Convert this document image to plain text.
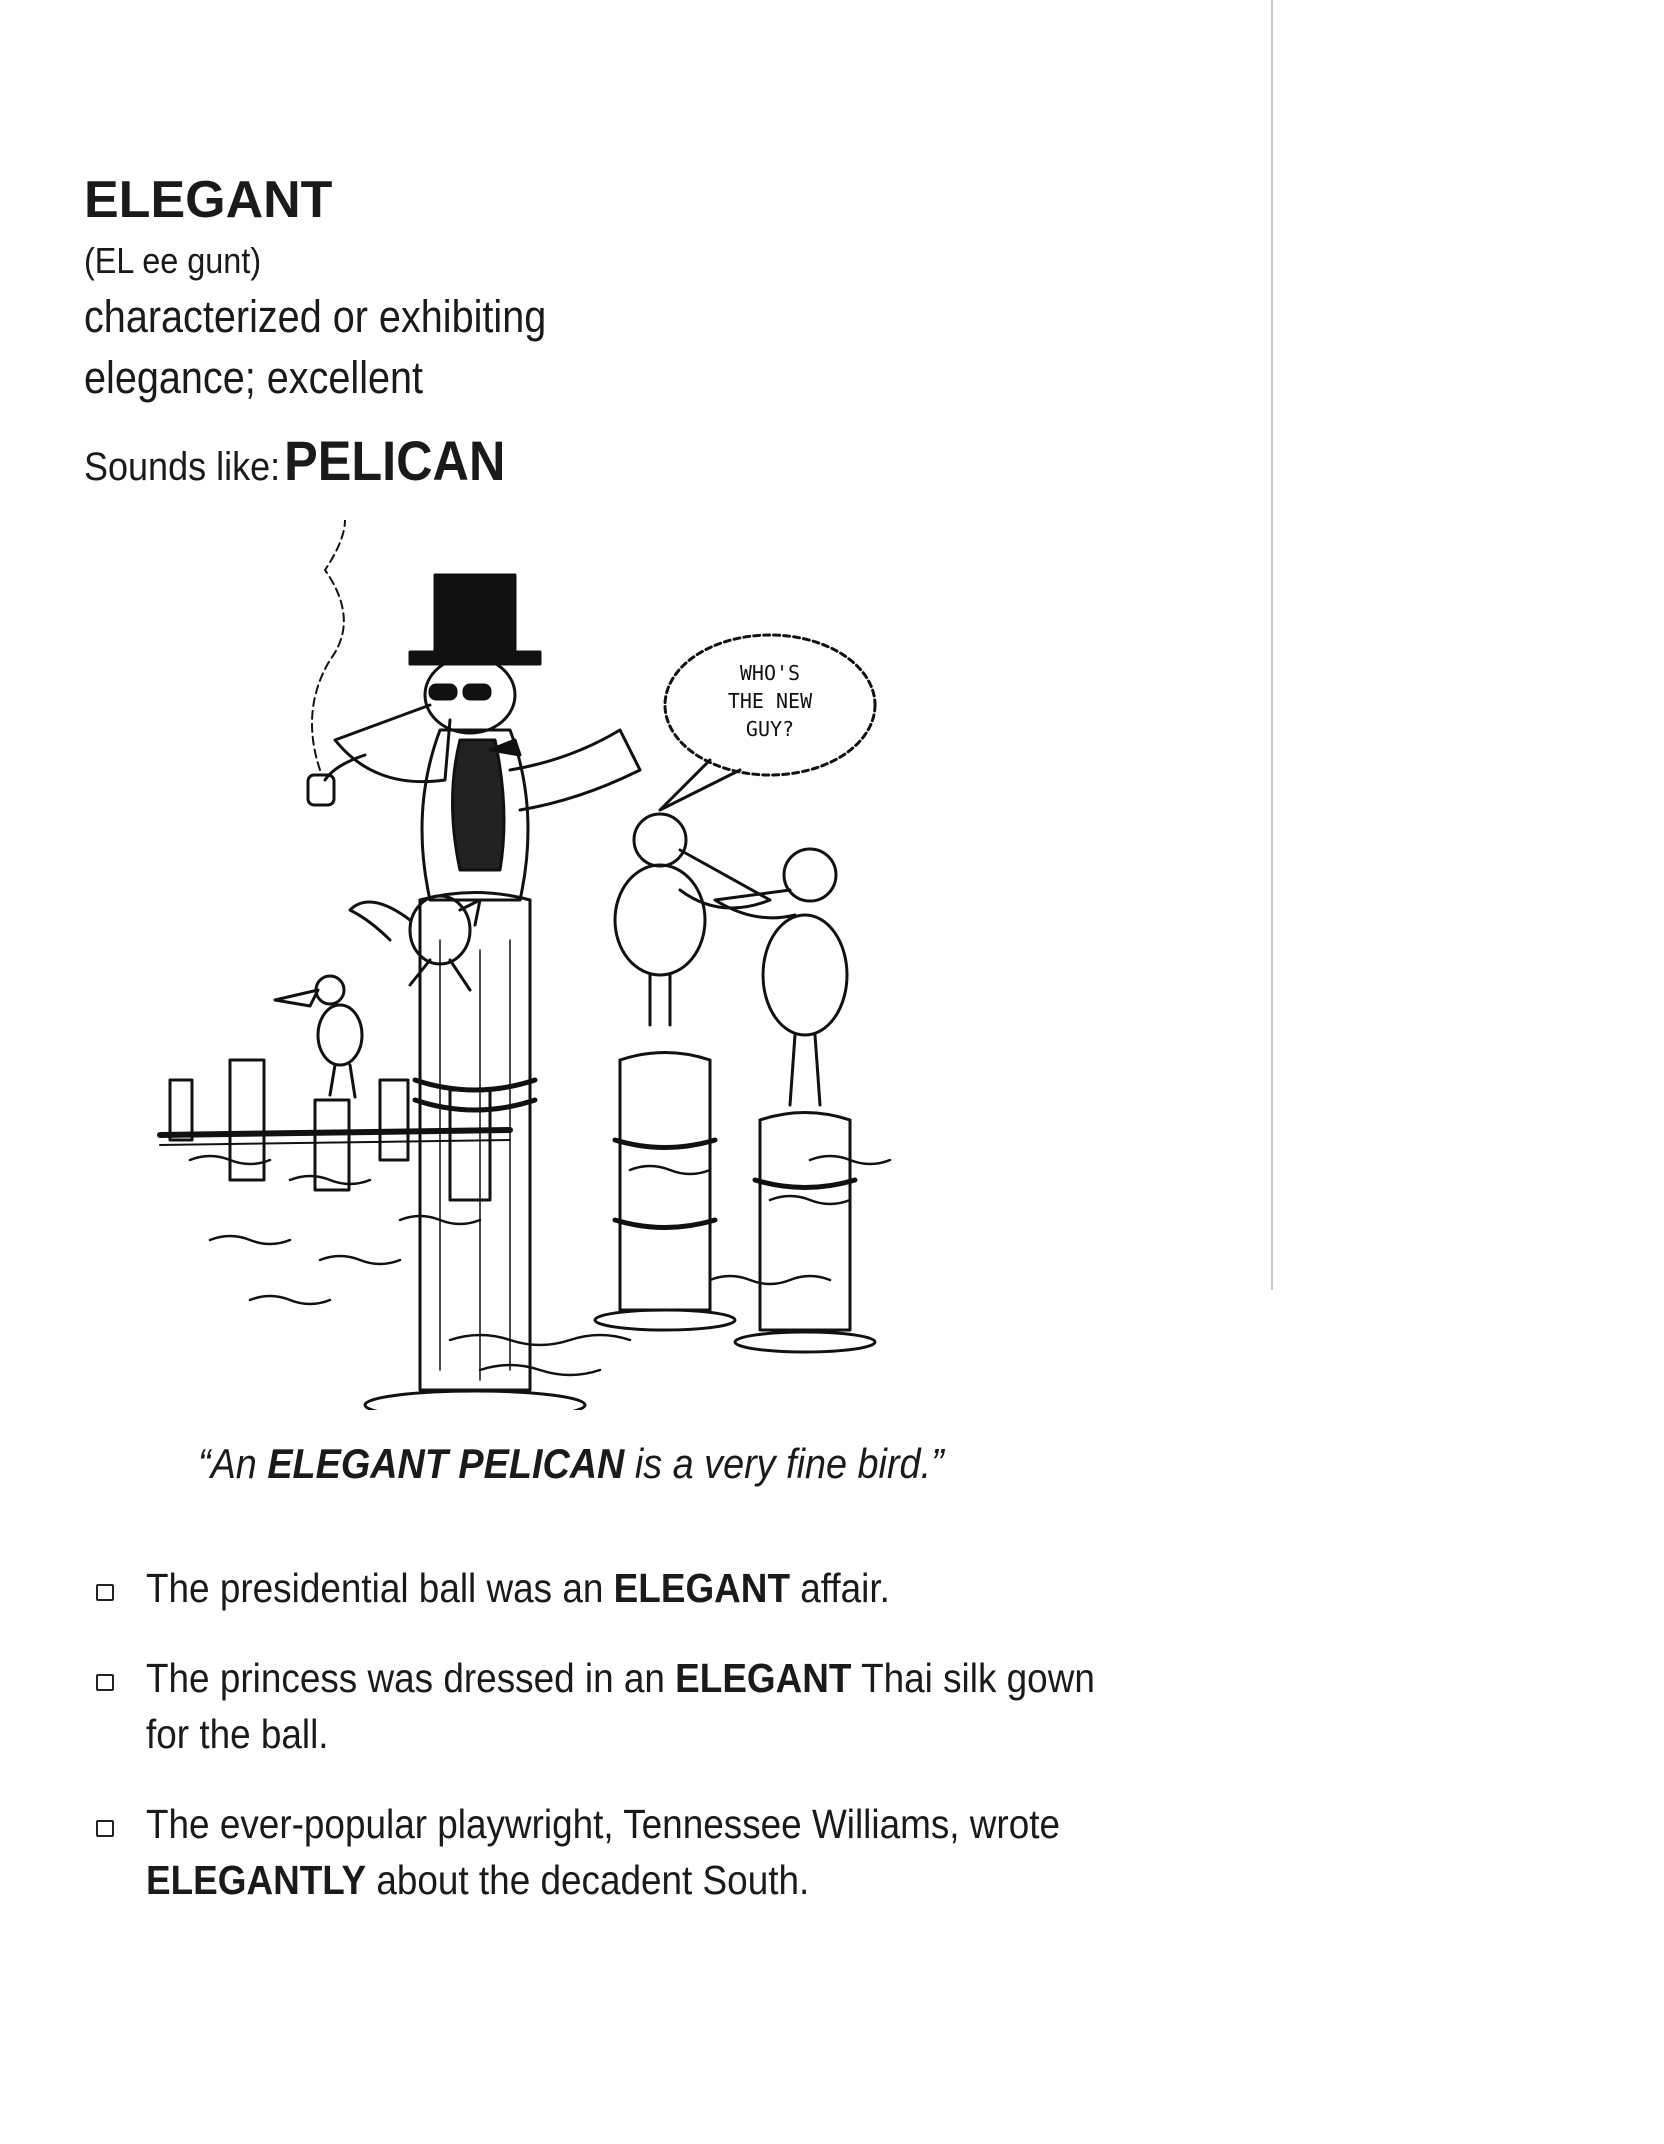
ELEGANT
(EL ee gunt)
characterized or exhibiting
elegance; excellent
Sounds like: PELICAN
WHO'S
THE NEW
GUY?
“An ELEGANT PELICAN is a very fine bird.”
The presidential ball was an ELEGANT affair.
The princess was dressed in an ELEGANT Thai silk gown for the ball.
The ever-popular playwright, Tennessee Williams, wrote ELEGANTLY about the decadent South.
